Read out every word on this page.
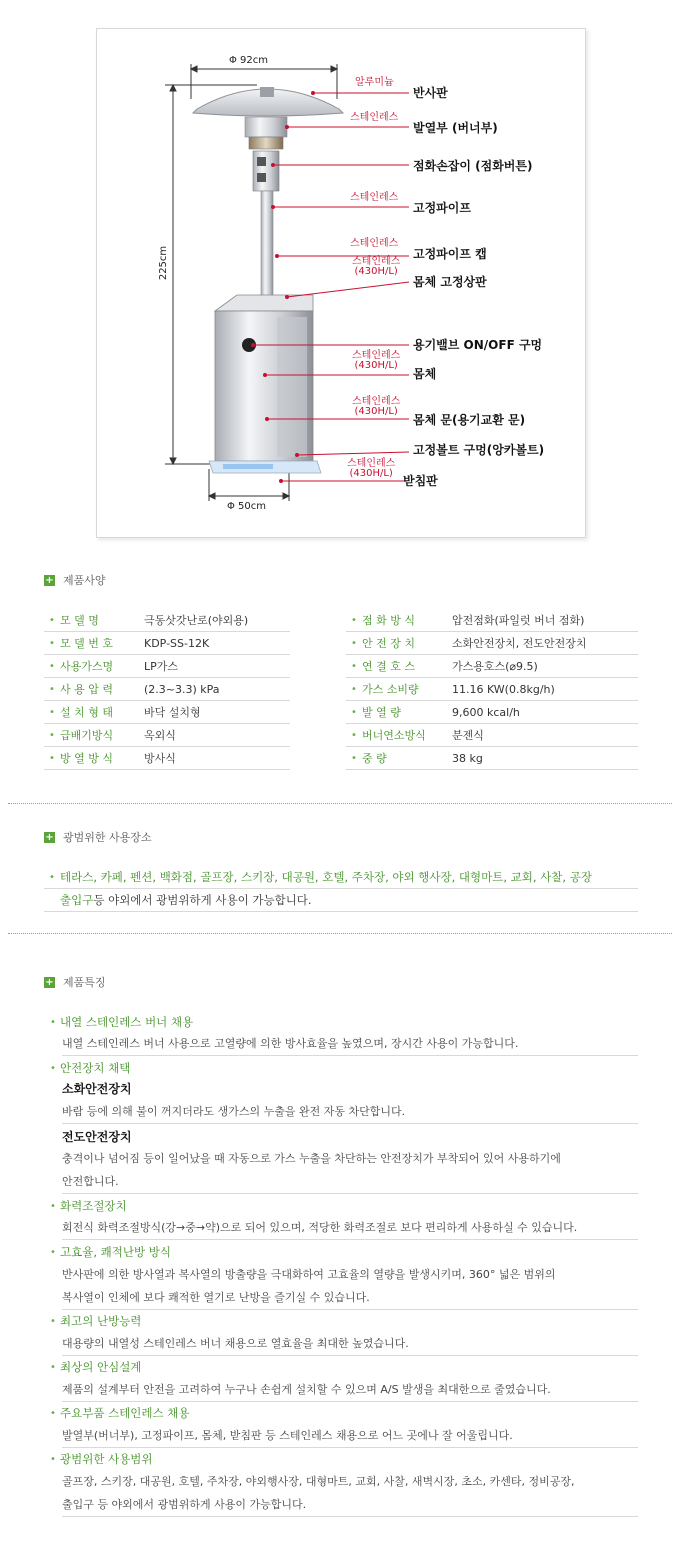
Φ 92cm
225cm
Φ 50cm
알루미늄
스테인레스
스테인레스
스테인레스
스테인레스
(430H/L)
스테인레스
(430H/L)
스테인레스
(430H/L)
스테인레스
(430H/L)
반사판
발열부 (버너부)
점화손잡이 (점화버튼)
고정파이프
고정파이프 캡
몸체 고정상판
용기밸브 ON/OFF 구멍
몸체
몸체 문(용기교환 문)
고정볼트 구멍(앙카볼트)
받침판
+ 제품사양
• 모 델 명	극동삿갓난로(야외용)
• 모 델 번 호	KDP-SS-12K
• 사용가스명	LP가스
• 사 용 압 력	(2.3~3.3) kPa
• 설 치 형 태	바닥 설치형
• 급배기방식	옥외식
• 방 열 방 식	방사식
• 점 화 방 식	압전점화(파일럿 버너 점화)
• 안 전 장 치	소화안전장치, 전도안전장치
• 연 결 호 스	가스용호스(⌀9.5)
• 가스 소비량	11.16 KW(0.8kg/h)
• 발 열 량	9,600 kcal/h
• 버너연소방식	분젠식
• 중 량	38 kg
+ 광범위한 사용장소
• 테라스, 카페, 펜션, 백화점, 골프장, 스키장, 대공원, 호텔, 주차장, 야외 행사장, 대형마트, 교회, 사찰, 공장
출입구 등 야외에서 광범위하게 사용이 가능합니다.
+ 제품특징
• 내열 스테인레스 버너 채용
내열 스테인레스 버너 사용으로 고열량에 의한 방사효율을 높였으며, 장시간 사용이 가능합니다.
• 안전장치 채택
소화안전장치
바람 등에 의해 불이 꺼지더라도 생가스의 누출을 완전 자동 차단합니다.
전도안전장치
충격이나 넘어짐 등이 일어났을 때 자동으로 가스 누출을 차단하는 안전장치가 부착되어 있어 사용하기에
안전합니다.
• 화력조절장치
회전식 화력조절방식(강→중→약)으로 되어 있으며, 적당한 화력조절로 보다 편리하게 사용하실 수 있습니다.
• 고효율, 쾌적난방 방식
반사판에 의한 방사열과 복사열의 방출량을 극대화하여 고효율의 열량을 발생시키며, 360° 넓은 범위의
복사열이 인체에 보다 쾌적한 열기로 난방을 즐기실 수 있습니다.
• 최고의 난방능력
대용량의 내열성 스테인레스 버너 채용으로 열효율을 최대한 높였습니다.
• 최상의 안심설계
제품의 설계부터 안전을 고려하여 누구나 손쉽게 설치할 수 있으며 A/S 발생을 최대한으로 줄였습니다.
• 주요부품 스테인레스 채용
발열부(버너부), 고정파이프, 몸체, 받침판 등 스테인레스 채용으로 어느 곳에나 잘 어울립니다.
• 광범위한 사용범위
골프장, 스키장, 대공원, 호텔, 주차장, 야외행사장, 대형마트, 교회, 사찰, 새벽시장, 초소, 카센타, 정비공장,
출입구 등 야외에서 광범위하게 사용이 가능합니다.
